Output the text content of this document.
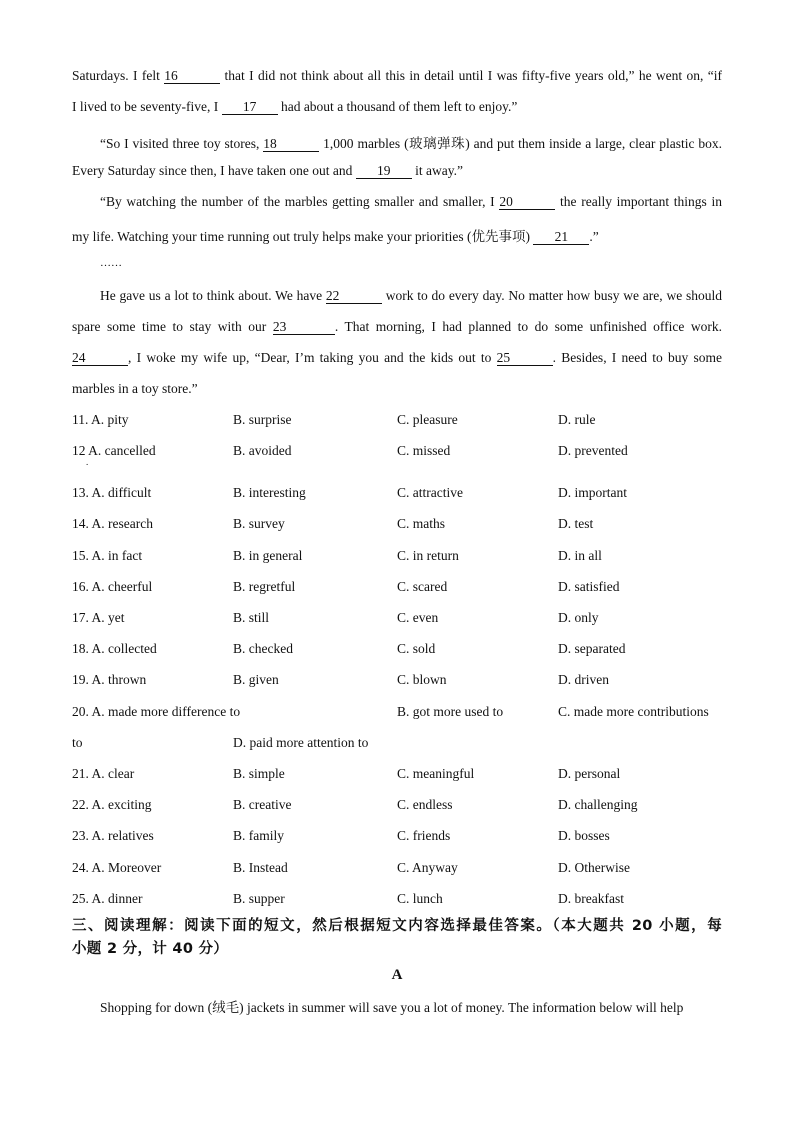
Saturdays. I felt 16	that I did not think about all this in detail until I was fifty-five years old,” he went on, “if
I lived to be seventy-five, I 17 had about a thousand of them left to enjoy.”
“So I visited three toy stores, 18	1,000 marbles (玻璃弹珠) and put them inside a large, clear plastic box.
Every Saturday since then, I have taken one out and 19 it away.”
“By watching the number of the marbles getting smaller and smaller, I 20	the really important things in
my life. Watching your time running out truly helps make your priorities (优先事项) 21 .”
……
He gave us a lot to think about. We have 22	work to do every day. No matter how busy we are, we should
spare some time to stay with our 23	. That morning, I had planned to do some unfinished office work.
24	, I woke my wife up, “Dear, I’m taking you and the kids out to 25	. Besides, I need to buy some
marbles in a toy store.”
11. A. pity	B. surprise	C. pleasure	D. rule
12 A. cancelled	B. avoided	C. missed	D. prevented
.
13. A. difficult	B. interesting	C. attractive	D. important
14. A. research	B. survey	C. maths	D. test
15. A. in fact	B. in general	C. in return	D. in all
16. A. cheerful	B. regretful	C. scared	D. satisfied
17. A. yet	B. still	C. even	D. only
18. A. collected	B. checked	C. sold	D. separated
19. A. thrown	B. given	C. blown	D. driven
20. A. made more difference to	B. got more used to	C. made more contributions
to	D. paid more attention to
21. A. clear	B. simple	C. meaningful	D. personal
22. A. exciting	B. creative	C. endless	D. challenging
23. A. relatives	B. family	C. friends	D. bosses
24. A. Moreover	B. Instead	C. Anyway	D. Otherwise
25. A. dinner	B. supper	C. lunch	D. breakfast
三、阅读理解：阅读下面的短文，然后根据短文内容选择最佳答案。（本大题共 20 小题，每
小题 2 分，计 40 分）
A
Shopping for down (绒毛) jackets in summer will save you a lot of money. The information below will help
